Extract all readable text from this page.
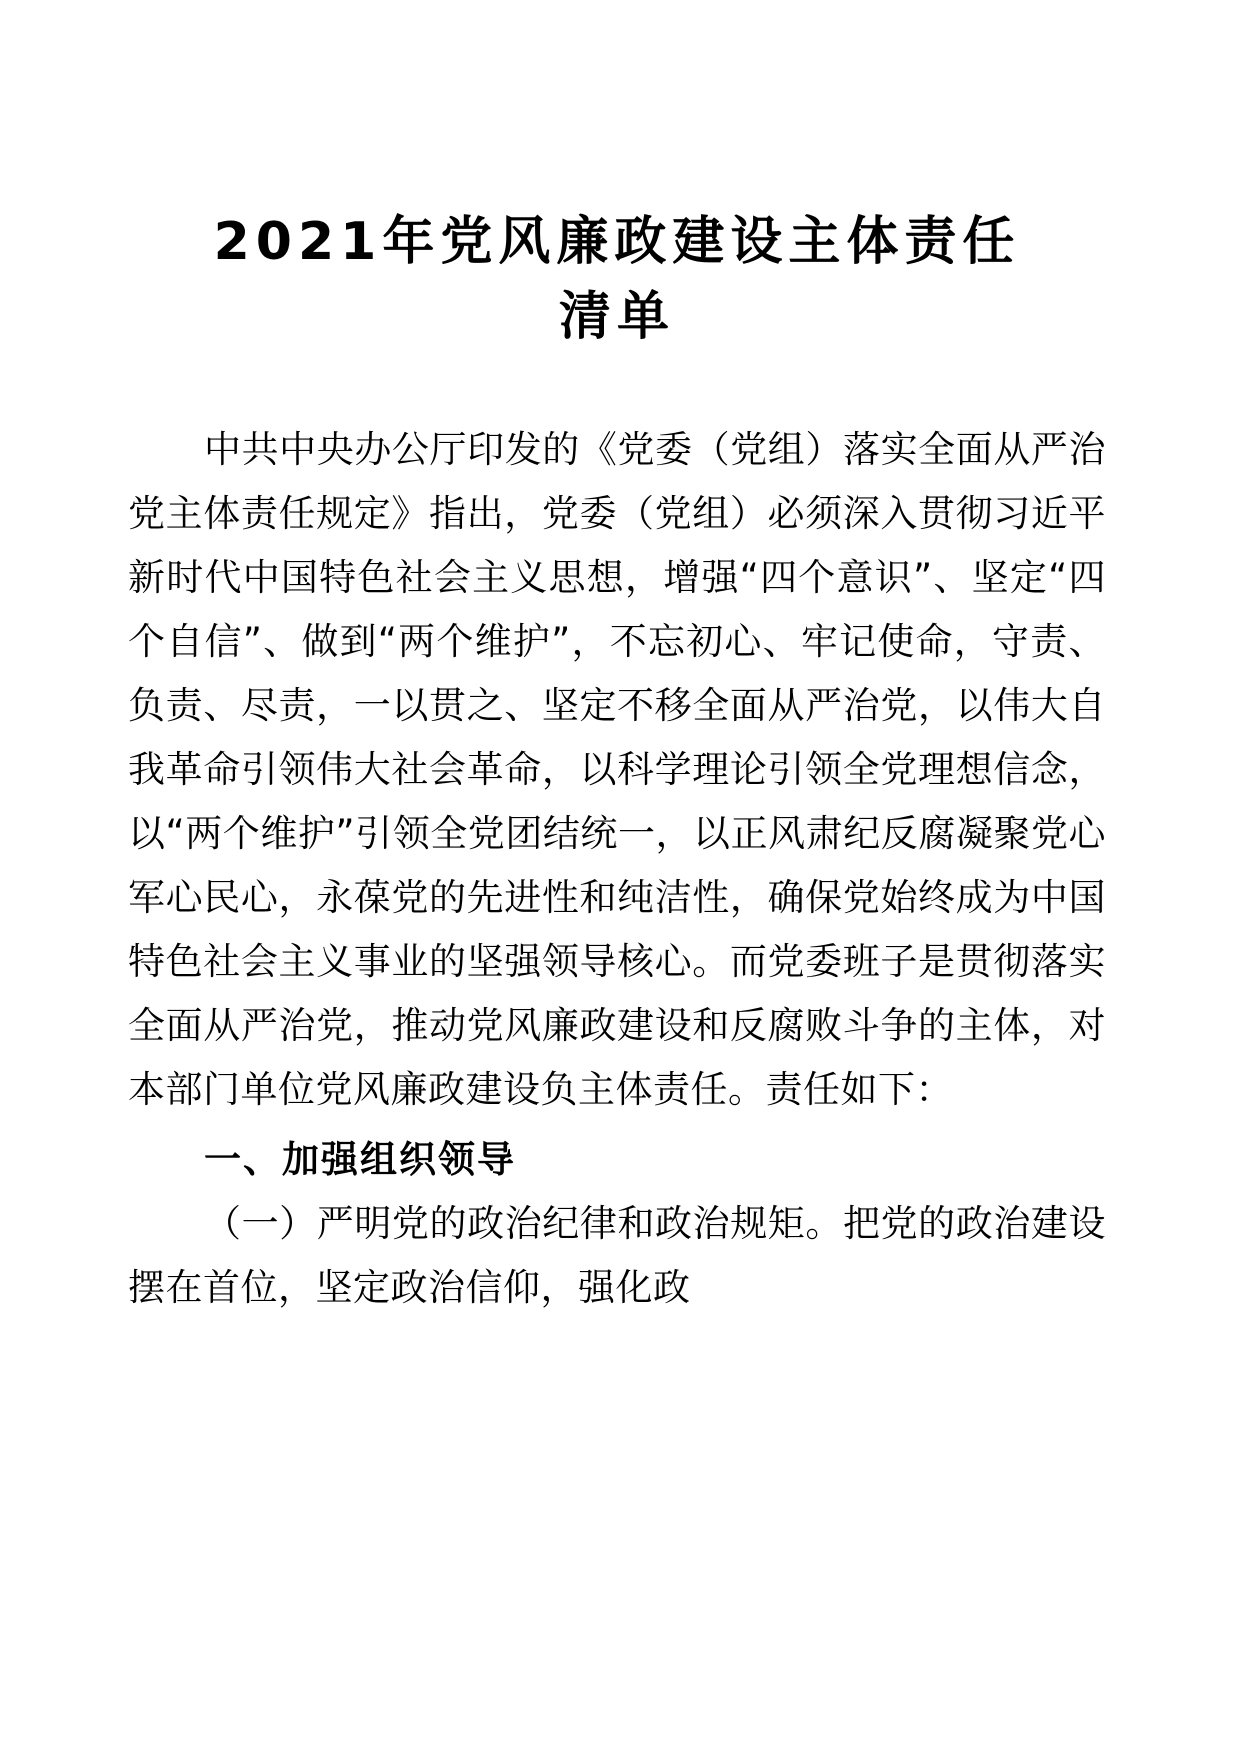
2021年党风廉政建设主体责任
清单

中共中央办公厅印发的《党委（党组）落实全面从严治党主体责任规定》指出，党委（党组）必须深入贯彻习近平新时代中国特色社会主义思想，增强“四个意识”、坚定“四个自信”、做到“两个维护”，不忘初心、牢记使命，守责、负责、尽责，一以贯之、坚定不移全面从严治党，以伟大自我革命引领伟大社会革命，以科学理论引领全党理想信念，以“两个维护”引领全党团结统一，以正风肃纪反腐凝聚党心军心民心，永葆党的先进性和纯洁性，确保党始终成为中国特色社会主义事业的坚强领导核心。而党委班子是贯彻落实全面从严治党，推动党风廉政建设和反腐败斗争的主体，对本部门单位党风廉政建设负主体责任。责任如下：

一、加强组织领导

（一）严明党的政治纪律和政治规矩。把党的政治建设摆在首位，坚定政治信仰，强化政
